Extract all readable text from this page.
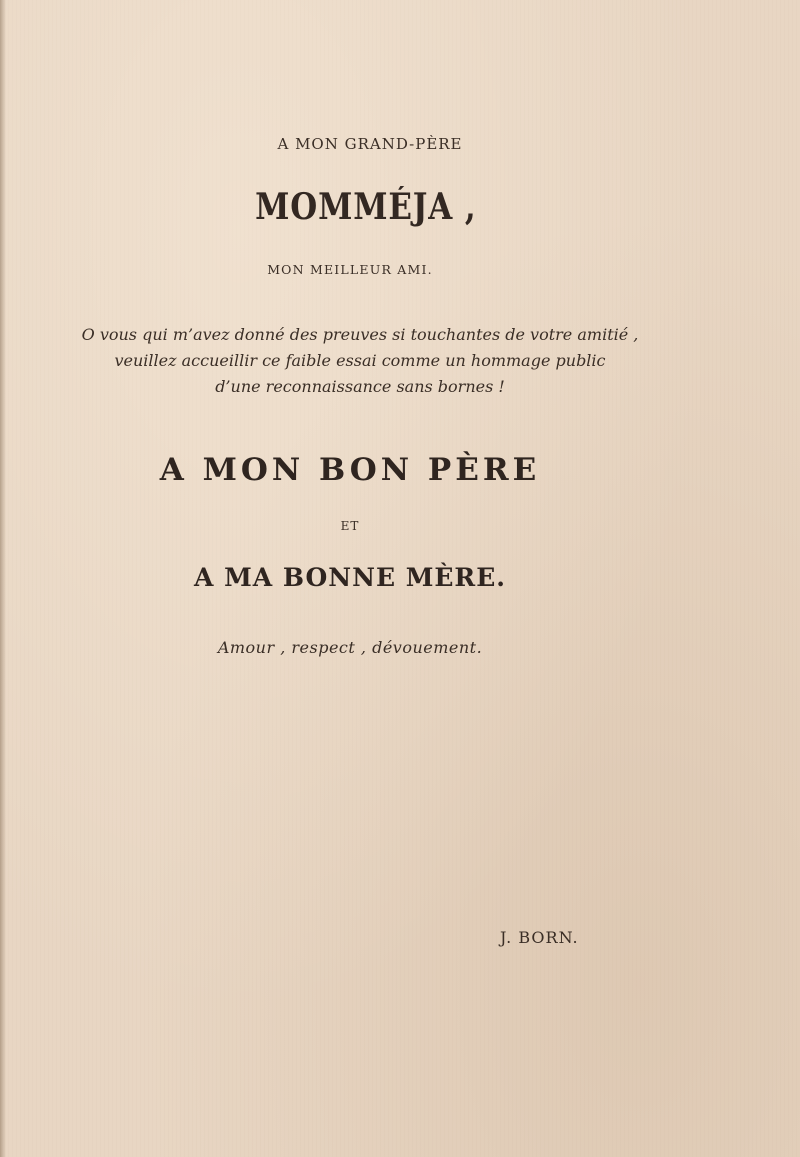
A MON GRAND-PÈRE

MOMMÉJA ,

MON MEILLEUR AMI.

O vous qui m’avez donné des preuves si touchantes de votre amitié ,
veuillez accueillir ce faible essai comme un hommage public
d’une reconnaissance sans bornes !
A MON BON PÈRE

ET

A MA BONNE MÈRE.

Amour , respect , dévouement.

J. BORN.
